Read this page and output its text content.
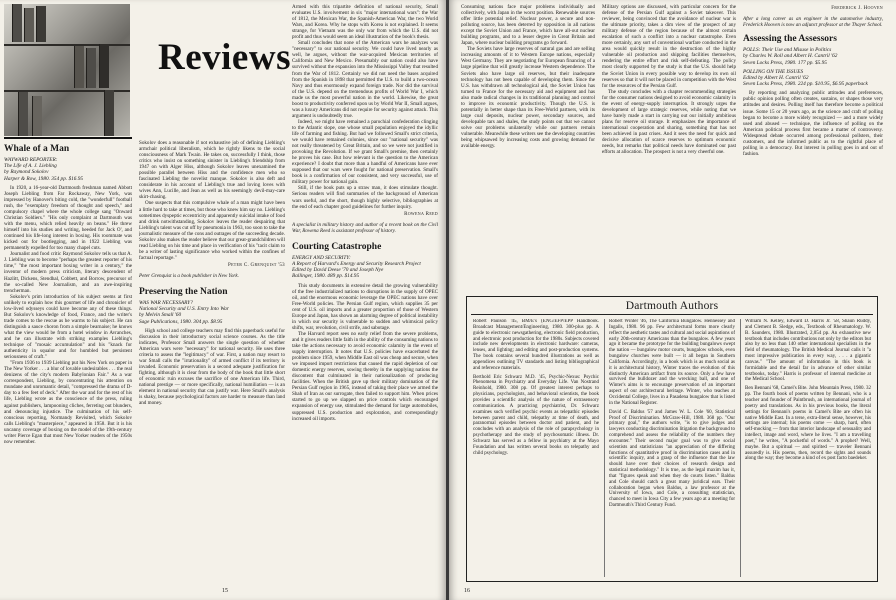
Reviews
Whale of a Man
WAYWARD REPORTER:
The Life of A. J. Liebling
by Raymond Sokolov
Harper & Row, 1980. 354 pp. $16.95

In 1920, a 16-year-old Dartmouth freshman named Abbott Joseph Liebling from Far Rockaway, New York, was impressed by Hanover's biting cold, the "wonderfull" football rush, the "exemplary freedom of thought and speech," and compulsory chapel where the whole college sang "Onward Christian Soldiers." "His only complaint at Dartmouth was with the menu, which relied heavily on beans." He threw himself into his studies and writing, heeded for Jack O', and continued his life-long interest in boxing. His roommate was kicked out for bootlegging, and in 1922 Liebling was permanently expelled for too many chapel cuts.

Journalist and food critic Raymond Sokolov tells us that A. J. Liebling was to become "perhaps the greatest reporter of his time," "the most important boxing writer in a century," the inventor of modern press criticism, literary descendent of Hazlitt, Dickens, Stendhal, Cobbett, and Borrow, precursor of the so-called New Journalism, and an awe-inspiring trencherman.

Sokolov's prim introduction of his subject seems at first unlikely to explain how this gourmet of life and chronicler of low-lived odysseys could have become any of these things. But Sokolov's knowledge of food, France, and the writer's trade comes to the rescue as he warms to his subject. He can distinguish a sauce choron from a simple bearnaise; he knows what the view would be from a hotel window in Avranches, and he can illustrate with striking examples Liebling's technique of "mosaic accumulation" and his "knack for authenticity in squalor and for humbled but persistent seriousness of craft."

"From 1936 to 1939 Liebling put his New York on paper in The New Yorker . . . a blur of lovable undesirables . . . the real denizens of the city's modern Babylonian Fair." As a war correspondent, Liebling, by concentrating his attention on mundane and unromantic detail, "compressed the drama of D-day to a few feet of deck." After the war and for the rest of his life, Liebling wrote as the conscience of the press, ruling against publishers, lampooning cliches, ferreting out blunders, and denouncing injustice. The culmination of his self-conscious reporting, Normandy Revisited, which Sokolov calls Liebling's "masterpiece," appeared in 1958. But it is his uncanny coverage of boxing on the model of the 19th-century writer Pierce Egan that most New Yorker readers of the 1950s now remember.

Sokolov does a reasonable if not exhaustive job of defining Liebling's armchair political liberalism, which he rightly likens to the social consciousness of Mark Twain. He takes on, successfully I think, those critics who insist on something sinister in Liebling's friendship from 1947 on with Alger Hiss, although Sokolov leaves unexamined the possible parallel between Hiss and the confidence men who so fascinated Liebling the novelist manque. Sokolov is also deft and considerate in his account of Liebling's true and loving loves with wives Ann, Lucille, and Jean as well as his seemingly devil-may-care skirt-chasing.

One suspects that this compulsive whale of a man might have been a little hard to take at times, but those who knew him say no. Liebling's sometimes dyspeptic eccentricity and apparently suicidal intake of food and drink notwithstanding, Sokolov leaves the reader despairing that Liebling's talent was cut off by pneumonia in 1963, too soon to take the journalistic measure of the cons and outrages of the succeeding decade. Sokolov also makes the reader believe that our great-grandchildren will read Liebling on his time and place in verification of his "tacit claim to be a writer of lasting significance who worked within the confines of factual reportage."

Peter C. Grenquist '53

Peter Grenquist is a book publisher in New York.

Preserving the Nation
WAS WAR NECESSARY?
National Security and U.S. Entry Into War
by Melvin Small '60
Sage Publications, 1980. 304 pp. $8.95

High school and college teachers may find this paperback useful for discussion in their introductory social science courses. As the title indicates, Professor Small answers the single question of whether American wars were "necessary" for national security. He uses three criteria to assess the "legitimacy" of war. First, a nation may resort to war Small calls the "irrationality" of armed conflict if its territory is invaded. Economic preservation is a second adequate justification for fighting, although it is clear from the body of the book that little short of economic ruin excuses the sacrifice of one American life. Third, national prestige — or more specifically, national humiliation — is an element in national security that can justify war. Here Small's analysis is shaky, because psychological factors are harder to measure than land and money.

Armed with this tripartite definition of national security, Small evaluates U.S. involvement in six "major international wars": the War of 1812, the Mexican War, the Spanish-American War, the two World Wars, and Korea. Why he stops with Korea is not explained. It seems strange, for Vietnam was the only war from which the U.S. did not profit and thus would seem an ideal illustration of the book's thesis.

Small concludes that none of the American wars he analyzes was "necessary" to our national security. We could have lived nearly as well, he argues, without the war-acquired Mexican territories of California and New Mexico. Presumably our nation could also have survived without the expansion into the Mississippi Valley that resulted from the War of 1812. Certainly we did not need the bases acquired from the Spanish in 1898 that permitted the U.S. to build a two-ocean Navy and thus enormously expand foreign trade. Nor did the survival of the U.S. depend on the tremendous profits of World War I, which made us the most powerful nation in the world. Likewise, the great boost to productivity conferred upon us by World War II, Small argues, was a luxury Americans did not require for security against attack. This argument is undoubtedly true.

Indeed, we might have remained a parochial confederation clinging to the Atlantic slope, one whose small population enjoyed the idyllic life of farming and fishing. But had we followed Small's strict criteria, we would have remained colonies, since our "national security" was not really threatened by Great Britain, and so we were not justified in provoking the Revolution. If we grant Small's premise, then certainly he proves his case. But how relevant is the question to the American experience? I doubt that more than a handful of Americans have ever supposed that our wars were fought for national preservation. Small's book is a confirmation of our consistent, and very successful, use of military power for national gain.

Still, if the book puts up a straw man, it does stimulate thought. Serious readers will find summaries of the background of American wars useful, and the short, though highly selective, bibliographies at the end of each chapter good guidelines for further inquiry.

Rowena Reed

A specialist in military history and author of a recent book on the Civil War, Rowena Reed is assistant professor of history.

Courting Catastrophe
ENERGY AND SECURITY:
A Report of Harvard's Energy and Security Research Project
Edited by David Deese '70 and Joseph Nye
Ballinger, 1980. 489 pp. $14.95

This study documents in extensive detail the growing vulnerability of the free industrialized nations to disruptions in the supply of OPEC oil, and the enormous economic leverage the OPEC nations have over Free-World policies. The Persian Gulf region, which supplies 35 per cent of U.S. oil imports and a greater proportion of those of Western Europe and Japan, has shown an alarming degree of political instability in which our security is vulnerable to sudden and whimsical policy shifts, war, revolution, civil strife, and sabotage.

The Harvard report sees no early relief from the severe problems, and it gives readers little faith in the ability of the consuming nations to take the actions necessary to avoid economic calamity in the event of supply interruption. It notes that U.S. policies have exacerbated the problem since 1959, when Middle East oil was cheap and secure, when we imposed import restrictions that caused the rapid depletion of our domestic energy reserves, sowing thereby in the supplying nations the discontent that culminated in their nationalization of producing facilities. When the British gave up their military domination of the Persian Gulf region in 1965, instead of taking their place we armed the Shah of Iran as our surrogate, then failed to support him. When prices started to go up we slapped on price controls which encouraged expansion of energy use, stimulated the demand for large automobiles, suppressed U.S. production and exploration, and correspondingly increased oil imports.

15

Consuming nations face major problems individually and collectively, with Japan in the worst position. Renewable sources offer little potential relief. Nuclear power, a secure and non-polluting source, has been deterred by opposition in all nations except the Soviet Union and France, which have all-out nuclear building programs, and to a lesser degree in Great Britain and Japan, where nuclear building programs go forward.

The Soviets have large reserves of natural gas and are selling increasing amounts of it to Western Europe nations, especially West Germany. They are negotiating for European financing of a large pipeline that will greatly increase Western dependence. The Soviets also have large oil reserves, but their inadequate technology has not been capable of developing them. Since the U.S. has withdrawn all technological aid, the Soviet Union has turned to France for the necessary aid and equipment and has also made radical changes in its traditional planning and control to improve its economic productivity. Though the U.S. is potentially in better shape than its Free-World partners, with its large coal deposits, nuclear power, secondary sources, and developable tars and shales, the study points out that we cannot solve our problems unilaterally while our partners remain vulnerable. Meanwhile these writers see the developing countries being whipsawed by increasing costs and growing demand for available energy.

Military options are discussed, with particular concern for the defense of the Persian Gulf against a Soviet takeover. This reviewer, being convinced that the avoidance of nuclear war is the ultimate priority, takes a dim view of the prospect of any military defense of the region because of the almost certain escalation of such a conflict into a nuclear catastrophe. Even more certainly, any sort of conventional warfare conducted in the area would quickly result in the destruction of the highly vulnerable oil production and shipping facilities themselves, rendering the entire effort and risk self-defeating. The policy most clearly supported by the study is that the U.S. should help the Soviet Union in every possible way to develop its own oil reserves so that it will not be placed in competition with the West for the resources of the Persian Gulf.

The study concludes with a chapter recommending strategies for the consumer nations designed to avoid economic calamity in the event of energy-supply interruption. It strongly urges the development of large strategic reserves, while noting that we have barely made a start in carrying out our initially ambitious plans for reserve oil storage. It emphasizes the importance of international cooperation and sharing, something that has not been achieved in past crises. And it sees the need for quick and decisive allocation of scarce reserves to optimum economic needs, but remarks that political needs have dominated our past efforts at allocation. The prospect is not a very cheerful one.

Frederick J. Hooven

After a long career as an engineer in the automotive industry, Frederick Hooven is now an adjunct professor at the Thayer School.

Assessing the Assessors
POLLS: Their Use and Misuse in Politics
by Charles W. Roll and Albert H. Cantril '62
Seven Locks Press, 1980. 177 pp. $5.95
POLLING ON THE ISSUES
Edited by Albert H. Cantril '62
Seven Locks Press, 1980. 224 pp. $10.95, $6.95 paperback

By reporting and analyzing public attitudes and preferences, public opinion polling often creates, sustains, or shapes those very attitudes and desires. Polling itself has therefore become a political issue. Some 15 or 20 years ago, as the science and craft of polling began to become a more widely recognized — and a more widely used and abused — technique, the influence of polling on the American political process first became a matter of controversy. Widespread debate occurred among professional pollsters, their customers, and the informed public as to the rightful place of polling in a democracy. But interest in polling goes in and out of fashion.

Dartmouth Authors

Robert Paulson '45, BM/E's (ENG/EFP/EPP Handbook. Broadcast Management/Engineering, 1980. 300-plus pp. A guide to electronic newsgathering, electronic field production, and electronic post production for the 1980s. Subjects covered include new developments in electronic hardware: cameras, lenses, and lighting; and editing and post-production systems. The book contains several hundred illustrations as well as appendices outlining TV standards and listing bibliographical and reference materials.

Berthold Eric Schwarz M.D. '45, Psychic-Nexus: Psychic Phenomena in Psychiatry and Everyday Life. Van Nostrand Reinhold, 1980. 308 pp. Of greatest interest perhaps to physicians, psychologists, and behavioral scientists, the book provides a scientific analysis of the nature of extrasensory communication. A practicing psychiatrist, Dr. Schwarz examines such verified psychic events as telepathic episodes between parent and child, telepathy at time of death, and paranormal episodes between doctor and patient, and he concludes with an analysis of the role of parapsychology in psychotherapy and the study of psychosomatic illness. Dr. Schwarz has served as a fellow in psychiatry at the Mayo Foundation and has written several books on telepathy and child psychology.

Robert Winter '46, The California Bungalow. Hennessey and Ingalls, 1980. 96 pp. Few architectural forms more clearly reflect the aesthetic tastes and cultural and social aspirations of early 20th-century Americans than the bungalow. A few years ago it became the prototype for the building bungalows swept the nation — bungalow motor courts, bungalow schools, even bungalow churches were built — it all began in Southern California. Accordingly, in a book which is as much social as it is architectural history, Winter traces the evolution of this distinctly American artifact from its source. Only a few have survived the bulldozer and the wrecking ball, and one of Winter's aims is to encourage preservation of an important aspect of our architectural heritage. Winter, who teaches at Occidental College, lives in a Pasadena bungalow that is listed in the National Register.

David C. Baldus '57 and James W. L. Cole '60, Statistical Proof of Discrimination. McGraw-Hill, 1980. 368 pp. "Our primary goal," the authors write, "is to give judges and lawyers conducting discrimination litigation the background to comprehend and assess the reliability of the numbers they encounter." Their second major goal was to give social scientists and statisticians "an appreciation of the differing functions of quantitative proof in discrimination cases and in scientific inquiry, and a grasp of the influence that the law should have over their choices of research design and statistical methodology." It is true, as the legal maxim has it, that "figures speak and when they do courts listen." Baldus and Cole should catch a great many juridical ears. Their collaboration began when Baldus, a law professor at the University of Iowa, and Cole, a consulting statistician, chanced to meet in Iowa City a few years ago at a meeting for Dartmouth's Third Century Fund.

William N. Kelley, Edward D. Harris Jr. '58, Shaun Ruddy, and Clement B. Sledge, eds., Textbook of Rheumatology. W. B. Saunders, 1980. Illustrated, 2,054 pp. An exhaustive new textbook that includes contributions not only by the editors but also by no less than 140 other international specialists in the field of rheumatology. The British Medical Journal calls it "a most impressive publication in every way, . . . a gigantic canvas." "The amount of information in this book is formidable and the detail far in advance of other similar textbooks, today." Harris is professor of internal medicine at the Medical School.

Ben Bennani '68, Camel's Bite. John Mountain Press, 1980. 32 pp. The fourth book of poems written by Bennani, who is a teacher and founder of Paintbrush, an international journal of poetry and translations. As in his previous books, the literal settings for Bennani's poems in Camel's Bite are often his native Middle East. In a terse, extra-literal sense, however, his settings are internal; his poems come — sharp, hard, often self-mocking — from that interior landscape of sensuality and intellect, image and word, where he lives. "I am a travelling poet," he writes, "A pocketful of words." A prophet? Well, maybe. But a spiritual — and spirited — traveler Bennani assuredly is. His poems, then, record the sights and sounds along the way; they become a kind of ex post facto baedeker.

16
